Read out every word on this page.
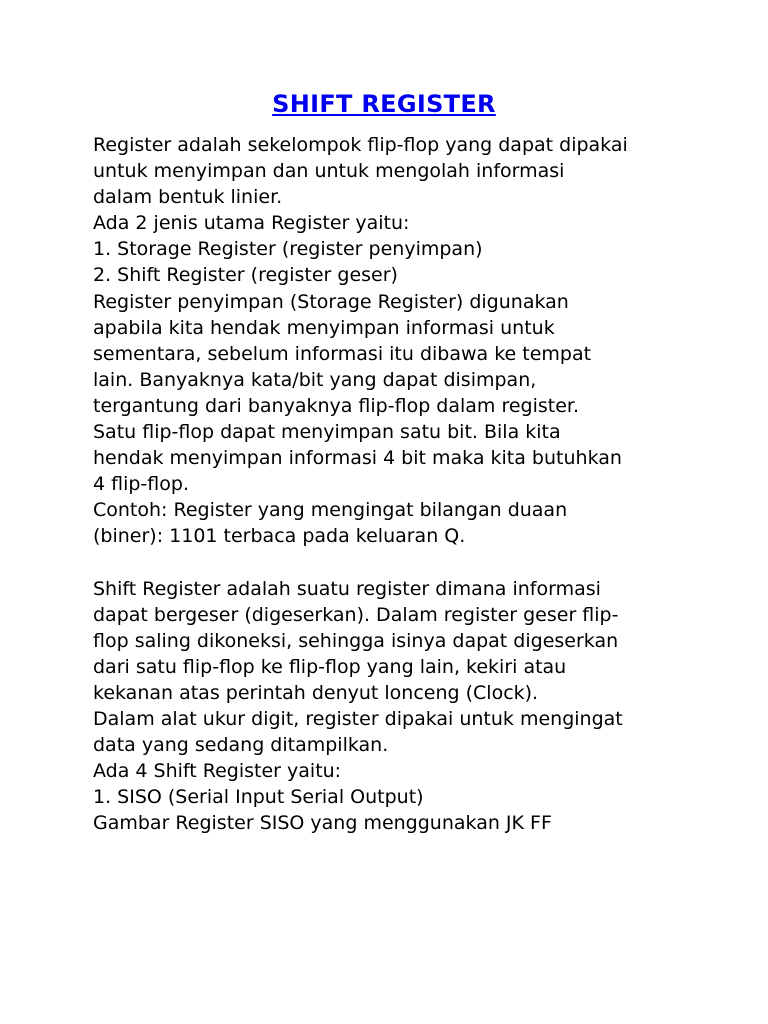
SHIFT REGISTER
Register adalah sekelompok flip-flop yang dapat dipakai
untuk menyimpan dan untuk mengolah informasi
dalam bentuk linier.
Ada 2 jenis utama Register yaitu:
1. Storage Register (register penyimpan)
2. Shift Register (register geser)
Register penyimpan (Storage Register) digunakan
apabila kita hendak menyimpan informasi untuk
sementara, sebelum informasi itu dibawa ke tempat
lain. Banyaknya kata/bit yang dapat disimpan,
tergantung dari banyaknya flip-flop dalam register.
Satu flip-flop dapat menyimpan satu bit. Bila kita
hendak menyimpan informasi 4 bit maka kita butuhkan
4 flip-flop.
Contoh: Register yang mengingat bilangan duaan
(biner): 1101 terbaca pada keluaran Q.
Shift Register adalah suatu register dimana informasi
dapat bergeser (digeserkan). Dalam register geser flip-
flop saling dikoneksi, sehingga isinya dapat digeserkan
dari satu flip-flop ke flip-flop yang lain, kekiri atau
kekanan atas perintah denyut lonceng (Clock).
Dalam alat ukur digit, register dipakai untuk mengingat
data yang sedang ditampilkan.
Ada 4 Shift Register yaitu:
1. SISO (Serial Input Serial Output)
Gambar Register SISO yang menggunakan JK FF
